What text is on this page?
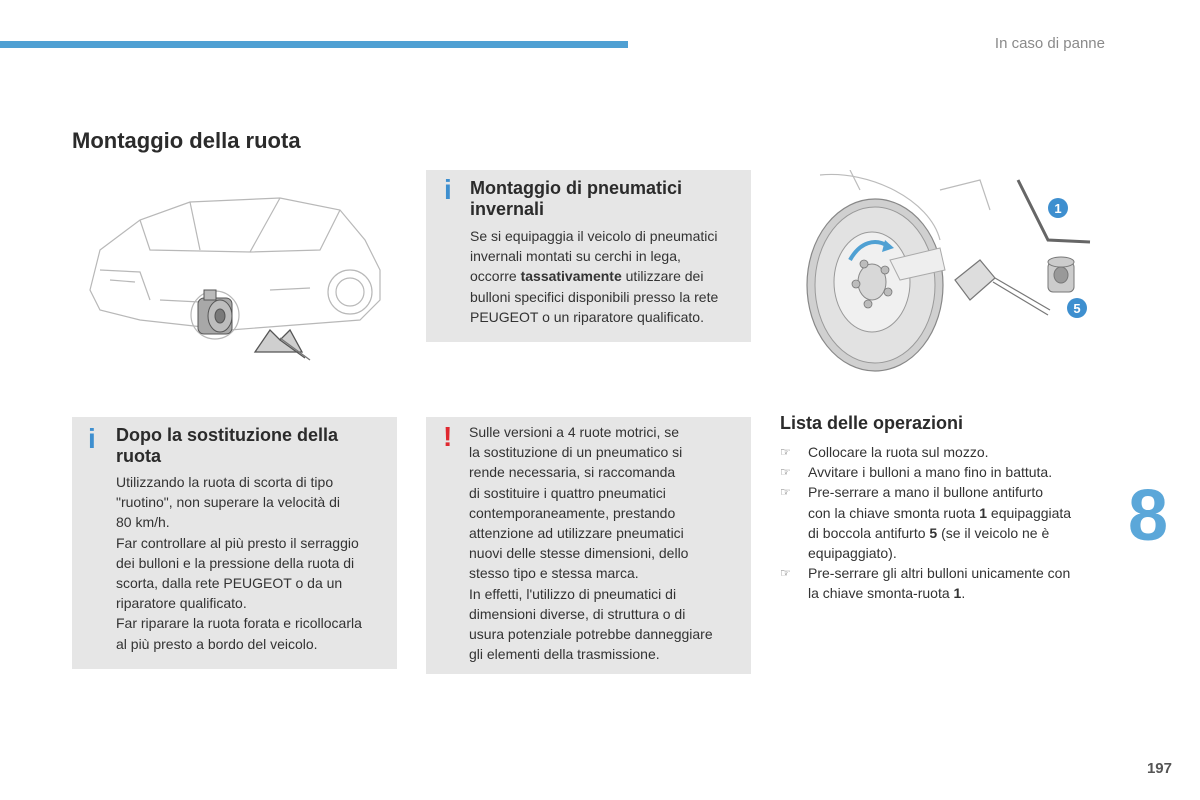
In caso di panne
Montaggio della ruota
i Montaggio di pneumatici
invernali
Se si equipaggia il veicolo di pneumatici
invernali montati su cerchi in lega,
occorre tassativamente utilizzare dei
bulloni specifici disponibili presso la rete
PEUGEOT o un riparatore qualificato.
1
5
i Dopo la sostituzione della
ruota
Utilizzando la ruota di scorta di tipo
"ruotino", non superare la velocità di
80 km/h.
Far controllare al più presto il serraggio
dei bulloni e la pressione della ruota di
scorta, dalla rete PEUGEOT o da un
riparatore qualificato.
Far riparare la ruota forata e ricollocarla
al più presto a bordo del veicolo.
! Sulle versioni a 4 ruote motrici, se
la sostituzione di un pneumatico si
rende necessaria, si raccomanda
di sostituire i quattro pneumatici
contemporaneamente, prestando
attenzione ad utilizzare pneumatici
nuovi delle stesse dimensioni, dello
stesso tipo e stessa marca.
In effetti, l'utilizzo di pneumatici di
dimensioni diverse, di struttura o di
usura potenziale potrebbe danneggiare
gli elementi della trasmissione.
Lista delle operazioni
☞ Collocare la ruota sul mozzo.
☞ Avvitare i bulloni a mano fino in battuta.
☞ Pre-serrare a mano il bullone antifurto
con la chiave smonta ruota 1 equipaggiata
di boccola antifurto 5 (se il veicolo ne è
equipaggiato).
☞ Pre-serrare gli altri bulloni unicamente con
la chiave smonta-ruota 1.
8
197
